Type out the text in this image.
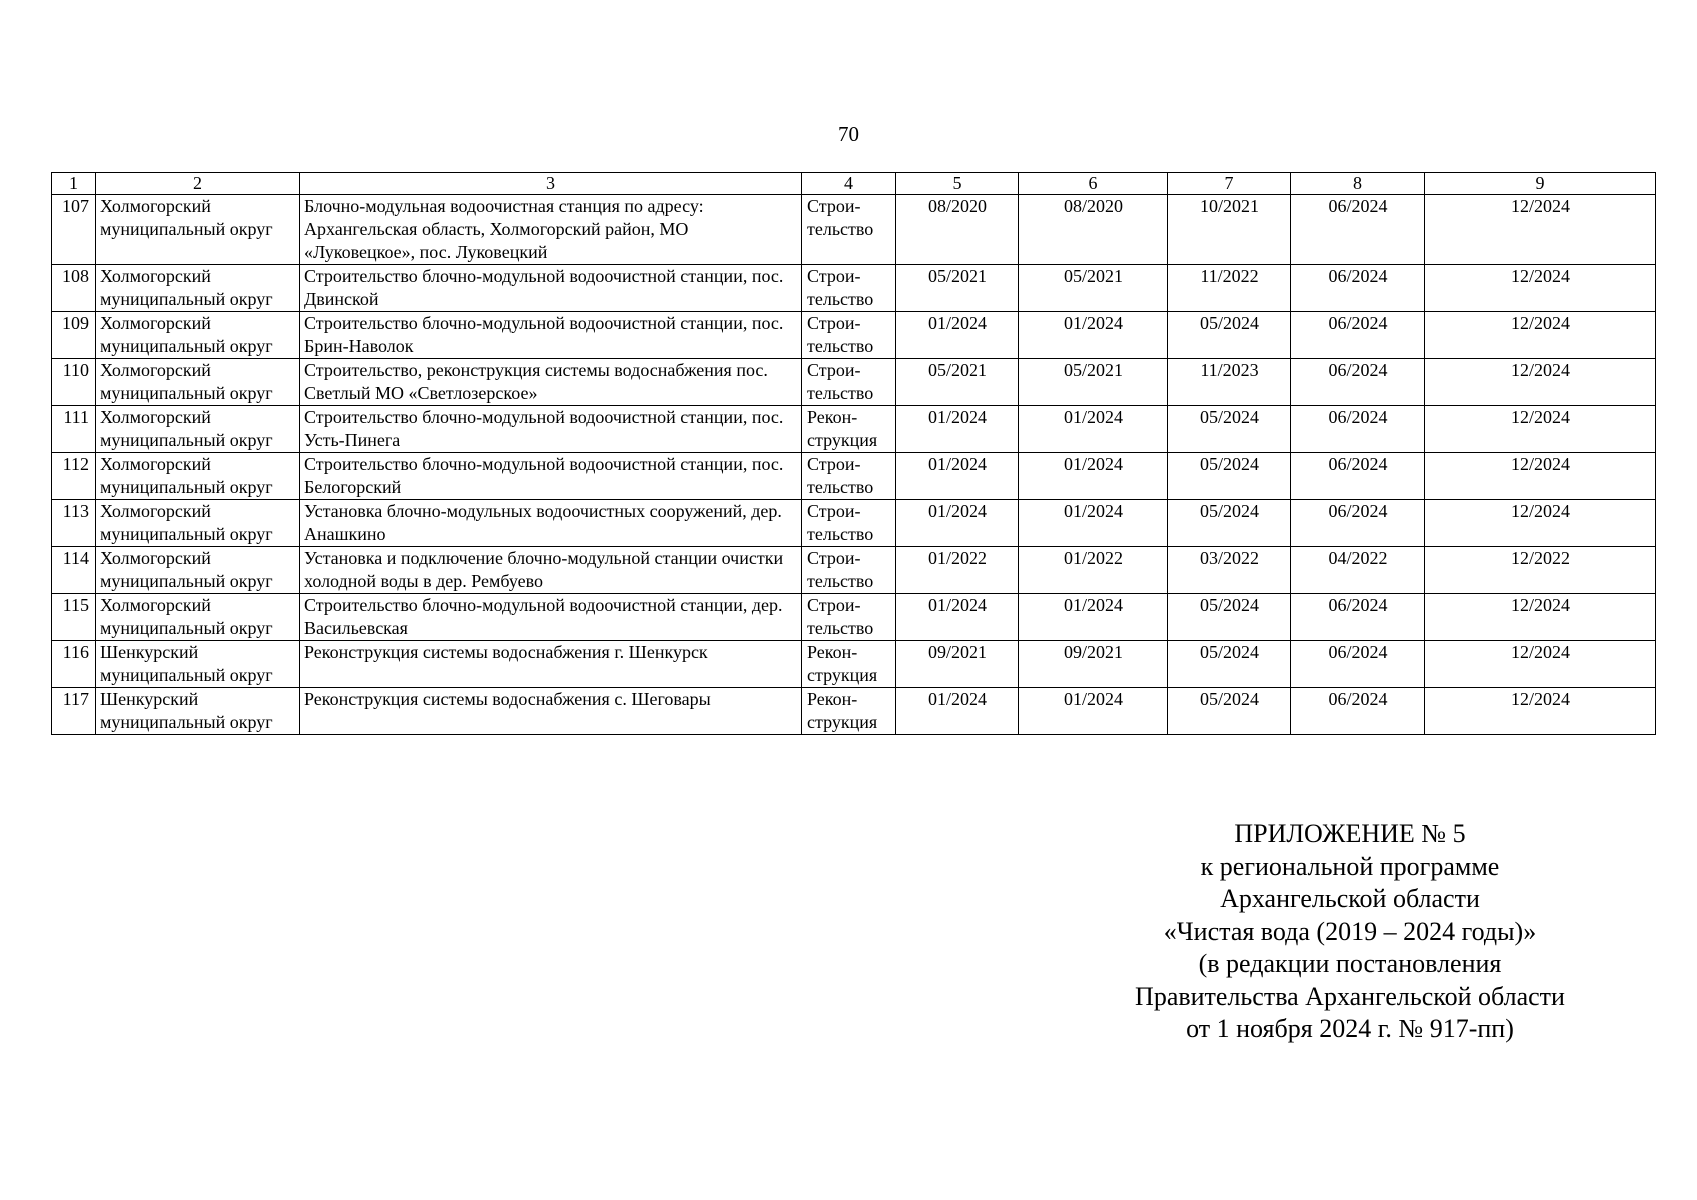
70
1	2	3	4	5	6	7	8	9
107	Холмогорский муниципальный округ	Блочно-модульная водоочистная станция по адресу: Архангельская область, Холмогорский район, МО «Луковецкое», пос. Луковецкий	Строи-тельство	08/2020	08/2020	10/2021	06/2024	12/2024
108	Холмогорский муниципальный округ	Строительство блочно-модульной водоочистной станции, пос. Двинской	Строи-тельство	05/2021	05/2021	11/2022	06/2024	12/2024
109	Холмогорский муниципальный округ	Строительство блочно-модульной водоочистной станции, пос. Брин-Наволок	Строи-тельство	01/2024	01/2024	05/2024	06/2024	12/2024
110	Холмогорский муниципальный округ	Строительство, реконструкция системы водоснабжения пос. Светлый МО «Светлозерское»	Строи-тельство	05/2021	05/2021	11/2023	06/2024	12/2024
111	Холмогорский муниципальный округ	Строительство блочно-модульной водоочистной станции, пос. Усть-Пинега	Рекон-струкция	01/2024	01/2024	05/2024	06/2024	12/2024
112	Холмогорский муниципальный округ	Строительство блочно-модульной водоочистной станции, пос. Белогорский	Строи-тельство	01/2024	01/2024	05/2024	06/2024	12/2024
113	Холмогорский муниципальный округ	Установка блочно-модульных водоочистных сооружений, дер. Анашкино	Строи-тельство	01/2024	01/2024	05/2024	06/2024	12/2024
114	Холмогорский муниципальный округ	Установка и подключение блочно-модульной станции очистки холодной воды в дер. Рембуево	Строи-тельство	01/2022	01/2022	03/2022	04/2022	12/2022
115	Холмогорский муниципальный округ	Строительство блочно-модульной водоочистной станции, дер. Васильевская	Строи-тельство	01/2024	01/2024	05/2024	06/2024	12/2024
116	Шенкурский муниципальный округ	Реконструкция системы водоснабжения г. Шенкурск	Рекон-струкция	09/2021	09/2021	05/2024	06/2024	12/2024
117	Шенкурский муниципальный округ	Реконструкция системы водоснабжения с. Шеговары	Рекон-струкция	01/2024	01/2024	05/2024	06/2024	12/2024
ПРИЛОЖЕНИЕ № 5
к региональной программе
Архангельской области
«Чистая вода (2019 – 2024 годы)»
(в редакции постановления
Правительства Архангельской области
от 1 ноября 2024 г. № 917-пп)
